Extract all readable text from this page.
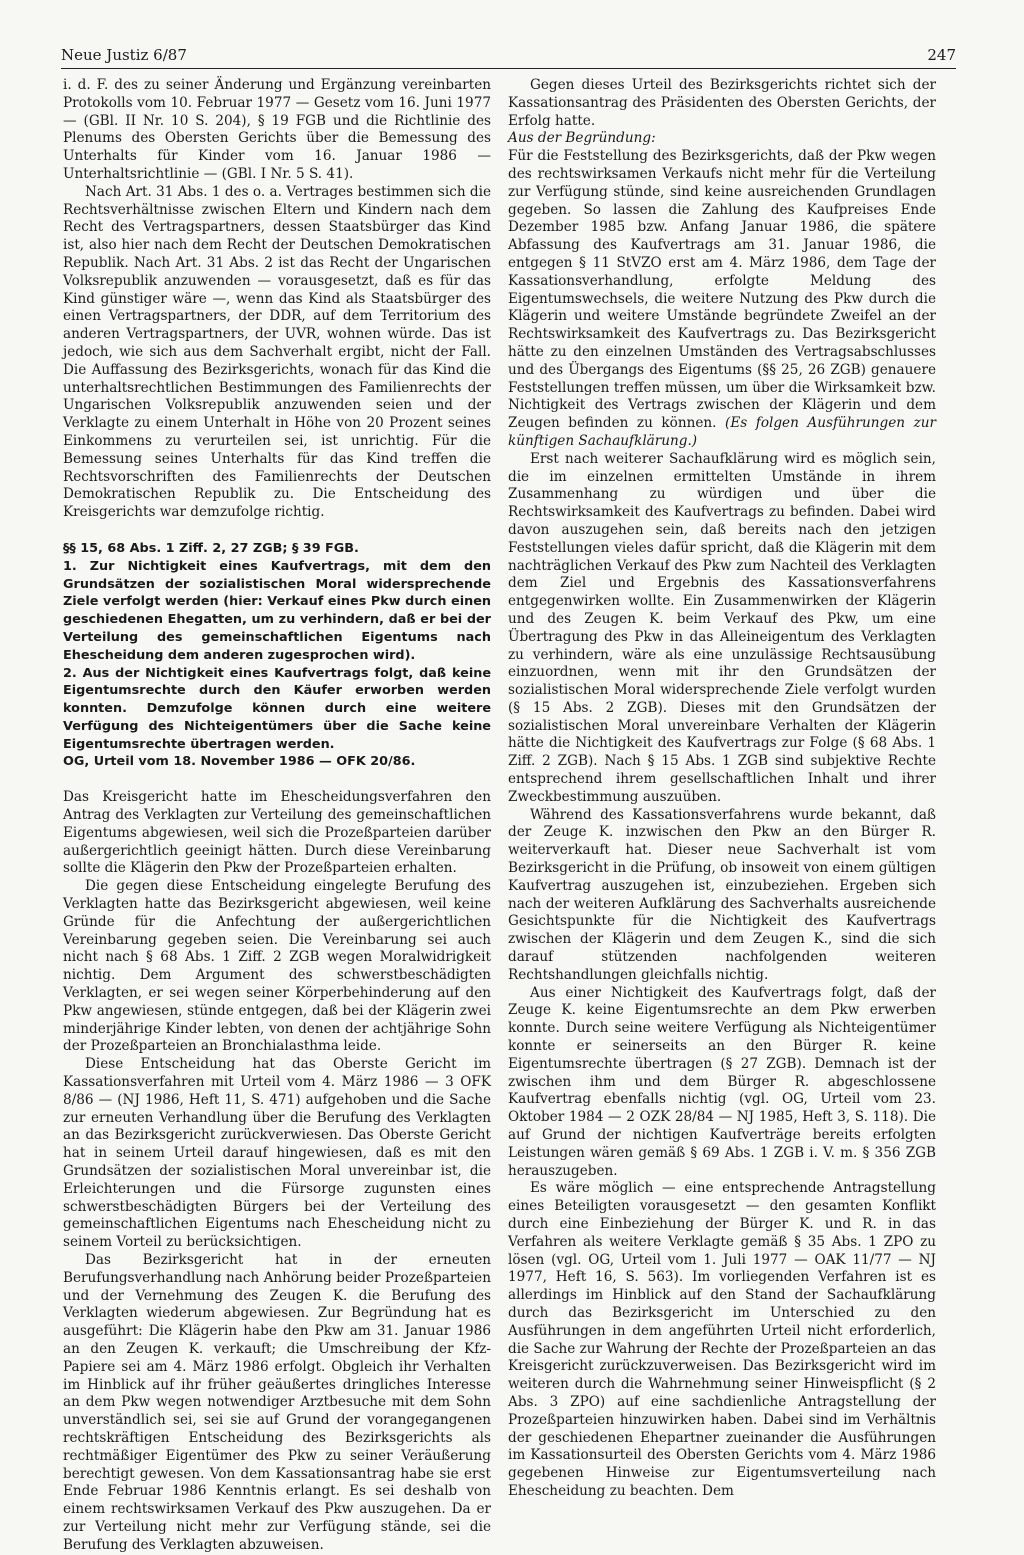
Neue Justiz 6/87	247

i. d. F. des zu seiner Änderung und Ergänzung vereinbarten Protokolls vom 10. Februar 1977 — Gesetz vom 16. Juni 1977 — (GBl. II Nr. 10 S. 204), § 19 FGB und die Richtlinie des Plenums des Obersten Gerichts über die Bemessung des Unterhalts für Kinder vom 16. Januar 1986 — Unterhaltsrichtlinie — (GBl. I Nr. 5 S. 41).

Nach Art. 31 Abs. 1 des o. a. Vertrages bestimmen sich die Rechtsverhältnisse zwischen Eltern und Kindern nach dem Recht des Vertragspartners, dessen Staatsbürger das Kind ist, also hier nach dem Recht der Deutschen Demokratischen Republik. Nach Art. 31 Abs. 2 ist das Recht der Ungarischen Volksrepublik anzuwenden — vorausgesetzt, daß es für das Kind günstiger wäre —, wenn das Kind als Staatsbürger des einen Vertragspartners, der DDR, auf dem Territorium des anderen Vertragspartners, der UVR, wohnen würde. Das ist jedoch, wie sich aus dem Sachverhalt ergibt, nicht der Fall. Die Auffassung des Bezirksgerichts, wonach für das Kind die unterhaltsrechtlichen Bestimmungen des Familienrechts der Ungarischen Volksrepublik anzuwenden seien und der Verklagte zu einem Unterhalt in Höhe von 20 Prozent seines Einkommens zu verurteilen sei, ist unrichtig. Für die Bemessung seines Unterhalts für das Kind treffen die Rechtsvorschriften des Familienrechts der Deutschen Demokratischen Republik zu. Die Entscheidung des Kreisgerichts war demzufolge richtig.

§§ 15, 68 Abs. 1 Ziff. 2, 27 ZGB; § 39 FGB.

1. Zur Nichtigkeit eines Kaufvertrags, mit dem den Grundsätzen der sozialistischen Moral widersprechende Ziele verfolgt werden (hier: Verkauf eines Pkw durch einen geschiedenen Ehegatten, um zu verhindern, daß er bei der Verteilung des gemeinschaftlichen Eigentums nach Ehescheidung dem anderen zugesprochen wird).

2. Aus der Nichtigkeit eines Kaufvertrags folgt, daß keine Eigentumsrechte durch den Käufer erworben werden konnten. Demzufolge können durch eine weitere Verfügung des Nichteigentümers über die Sache keine Eigentumsrechte übertragen werden.

OG, Urteil vom 18. November 1986 — OFK 20/86.

Das Kreisgericht hatte im Ehescheidungsverfahren den Antrag des Verklagten zur Verteilung des gemeinschaftlichen Eigentums abgewiesen, weil sich die Prozeßparteien darüber außergerichtlich geeinigt hätten. Durch diese Vereinbarung sollte die Klägerin den Pkw der Prozeßparteien erhalten.

Die gegen diese Entscheidung eingelegte Berufung des Verklagten hatte das Bezirksgericht abgewiesen, weil keine Gründe für die Anfechtung der außergerichtlichen Vereinbarung gegeben seien. Die Vereinbarung sei auch nicht nach § 68 Abs. 1 Ziff. 2 ZGB wegen Moralwidrigkeit nichtig. Dem Argument des schwerstbeschädigten Verklagten, er sei wegen seiner Körperbehinderung auf den Pkw angewiesen, stünde entgegen, daß bei der Klägerin zwei minderjährige Kinder lebten, von denen der achtjährige Sohn der Prozeßparteien an Bronchialasthma leide.

Diese Entscheidung hat das Oberste Gericht im Kassationsverfahren mit Urteil vom 4. März 1986 — 3 OFK 8/86 — (NJ 1986, Heft 11, S. 471) aufgehoben und die Sache zur erneuten Verhandlung über die Berufung des Verklagten an das Bezirksgericht zurückverwiesen. Das Oberste Gericht hat in seinem Urteil darauf hingewiesen, daß es mit den Grundsätzen der sozialistischen Moral unvereinbar ist, die Erleichterungen und die Fürsorge zugunsten eines schwerstbeschädigten Bürgers bei der Verteilung des gemeinschaftlichen Eigentums nach Ehescheidung nicht zu seinem Vorteil zu berücksichtigen.

Das Bezirksgericht hat in der erneuten Berufungsverhandlung nach Anhörung beider Prozeßparteien und der Vernehmung des Zeugen K. die Berufung des Verklagten wiederum abgewiesen. Zur Begründung hat es ausgeführt: Die Klägerin habe den Pkw am 31. Januar 1986 an den Zeugen K. verkauft; die Umschreibung der Kfz-Papiere sei am 4. März 1986 erfolgt. Obgleich ihr Verhalten im Hinblick auf ihr früher geäußertes dringliches Interesse an dem Pkw wegen notwendiger Arztbesuche mit dem Sohn unverständlich sei, sei sie auf Grund der vorangegangenen rechtskräftigen Entscheidung des Bezirksgerichts als rechtmäßiger Eigentümer des Pkw zu seiner Veräußerung berechtigt gewesen. Von dem Kassationsantrag habe sie erst Ende Februar 1986 Kenntnis erlangt. Es sei deshalb von einem rechtswirksamen Verkauf des Pkw auszugehen. Da er zur Verteilung nicht mehr zur Verfügung stände, sei die Berufung des Verklagten abzuweisen.

Gegen dieses Urteil des Bezirksgerichts richtet sich der Kassationsantrag des Präsidenten des Obersten Gerichts, der Erfolg hatte.

Aus der Begründung:

Für die Feststellung des Bezirksgerichts, daß der Pkw wegen des rechtswirksamen Verkaufs nicht mehr für die Verteilung zur Verfügung stünde, sind keine ausreichenden Grundlagen gegeben. So lassen die Zahlung des Kaufpreises Ende Dezember 1985 bzw. Anfang Januar 1986, die spätere Abfassung des Kaufvertrags am 31. Januar 1986, die entgegen § 11 StVZO erst am 4. März 1986, dem Tage der Kassationsverhandlung, erfolgte Meldung des Eigentumswechsels, die weitere Nutzung des Pkw durch die Klägerin und weitere Umstände begründete Zweifel an der Rechtswirksamkeit des Kaufvertrags zu. Das Bezirksgericht hätte zu den einzelnen Umständen des Vertragsabschlusses und des Übergangs des Eigentums (§§ 25, 26 ZGB) genauere Feststellungen treffen müssen, um über die Wirksamkeit bzw. Nichtigkeit des Vertrags zwischen der Klägerin und dem Zeugen befinden zu können. (Es folgen Ausführungen zur künftigen Sachaufklärung.)

Erst nach weiterer Sachaufklärung wird es möglich sein, die im einzelnen ermittelten Umstände in ihrem Zusammenhang zu würdigen und über die Rechtswirksamkeit des Kaufvertrags zu befinden. Dabei wird davon auszugehen sein, daß bereits nach den jetzigen Feststellungen vieles dafür spricht, daß die Klägerin mit dem nachträglichen Verkauf des Pkw zum Nachteil des Verklagten dem Ziel und Ergebnis des Kassationsverfahrens entgegenwirken wollte. Ein Zusammenwirken der Klägerin und des Zeugen K. beim Verkauf des Pkw, um eine Übertragung des Pkw in das Alleineigentum des Verklagten zu verhindern, wäre als eine unzulässige Rechtsausübung einzuordnen, wenn mit ihr den Grundsätzen der sozialistischen Moral widersprechende Ziele verfolgt wurden (§ 15 Abs. 2 ZGB). Dieses mit den Grundsätzen der sozialistischen Moral unvereinbare Verhalten der Klägerin hätte die Nichtigkeit des Kaufvertrags zur Folge (§ 68 Abs. 1 Ziff. 2 ZGB). Nach § 15 Abs. 1 ZGB sind subjektive Rechte entsprechend ihrem gesellschaftlichen Inhalt und ihrer Zweckbestimmung auszuüben.

Während des Kassationsverfahrens wurde bekannt, daß der Zeuge K. inzwischen den Pkw an den Bürger R. weiterverkauft hat. Dieser neue Sachverhalt ist vom Bezirksgericht in die Prüfung, ob insoweit von einem gültigen Kaufvertrag auszugehen ist, einzubeziehen. Ergeben sich nach der weiteren Aufklärung des Sachverhalts ausreichende Gesichtspunkte für die Nichtigkeit des Kaufvertrags zwischen der Klägerin und dem Zeugen K., sind die sich darauf stützenden nachfolgenden weiteren Rechtshandlungen gleichfalls nichtig.

Aus einer Nichtigkeit des Kaufvertrags folgt, daß der Zeuge K. keine Eigentumsrechte an dem Pkw erwerben konnte. Durch seine weitere Verfügung als Nichteigentümer konnte er seinerseits an den Bürger R. keine Eigentumsrechte übertragen (§ 27 ZGB). Demnach ist der zwischen ihm und dem Bürger R. abgeschlossene Kaufvertrag ebenfalls nichtig (vgl. OG, Urteil vom 23. Oktober 1984 — 2 OZK 28/84 — NJ 1985, Heft 3, S. 118). Die auf Grund der nichtigen Kaufverträge bereits erfolgten Leistungen wären gemäß § 69 Abs. 1 ZGB i. V. m. § 356 ZGB herauszugeben.

Es wäre möglich — eine entsprechende Antragstellung eines Beteiligten vorausgesetzt — den gesamten Konflikt durch eine Einbeziehung der Bürger K. und R. in das Verfahren als weitere Verklagte gemäß § 35 Abs. 1 ZPO zu lösen (vgl. OG, Urteil vom 1. Juli 1977 — OAK 11/77 — NJ 1977, Heft 16, S. 563). Im vorliegenden Verfahren ist es allerdings im Hinblick auf den Stand der Sachaufklärung durch das Bezirksgericht im Unterschied zu den Ausführungen in dem angeführten Urteil nicht erforderlich, die Sache zur Wahrung der Rechte der Prozeßparteien an das Kreisgericht zurückzuverweisen. Das Bezirksgericht wird im weiteren durch die Wahrnehmung seiner Hinweispflicht (§ 2 Abs. 3 ZPO) auf eine sachdienliche Antragstellung der Prozeßparteien hinzuwirken haben. Dabei sind im Verhältnis der geschiedenen Ehepartner zueinander die Ausführungen im Kassationsurteil des Obersten Gerichts vom 4. März 1986 gegebenen Hinweise zur Eigentumsverteilung nach Ehescheidung zu beachten. Dem
